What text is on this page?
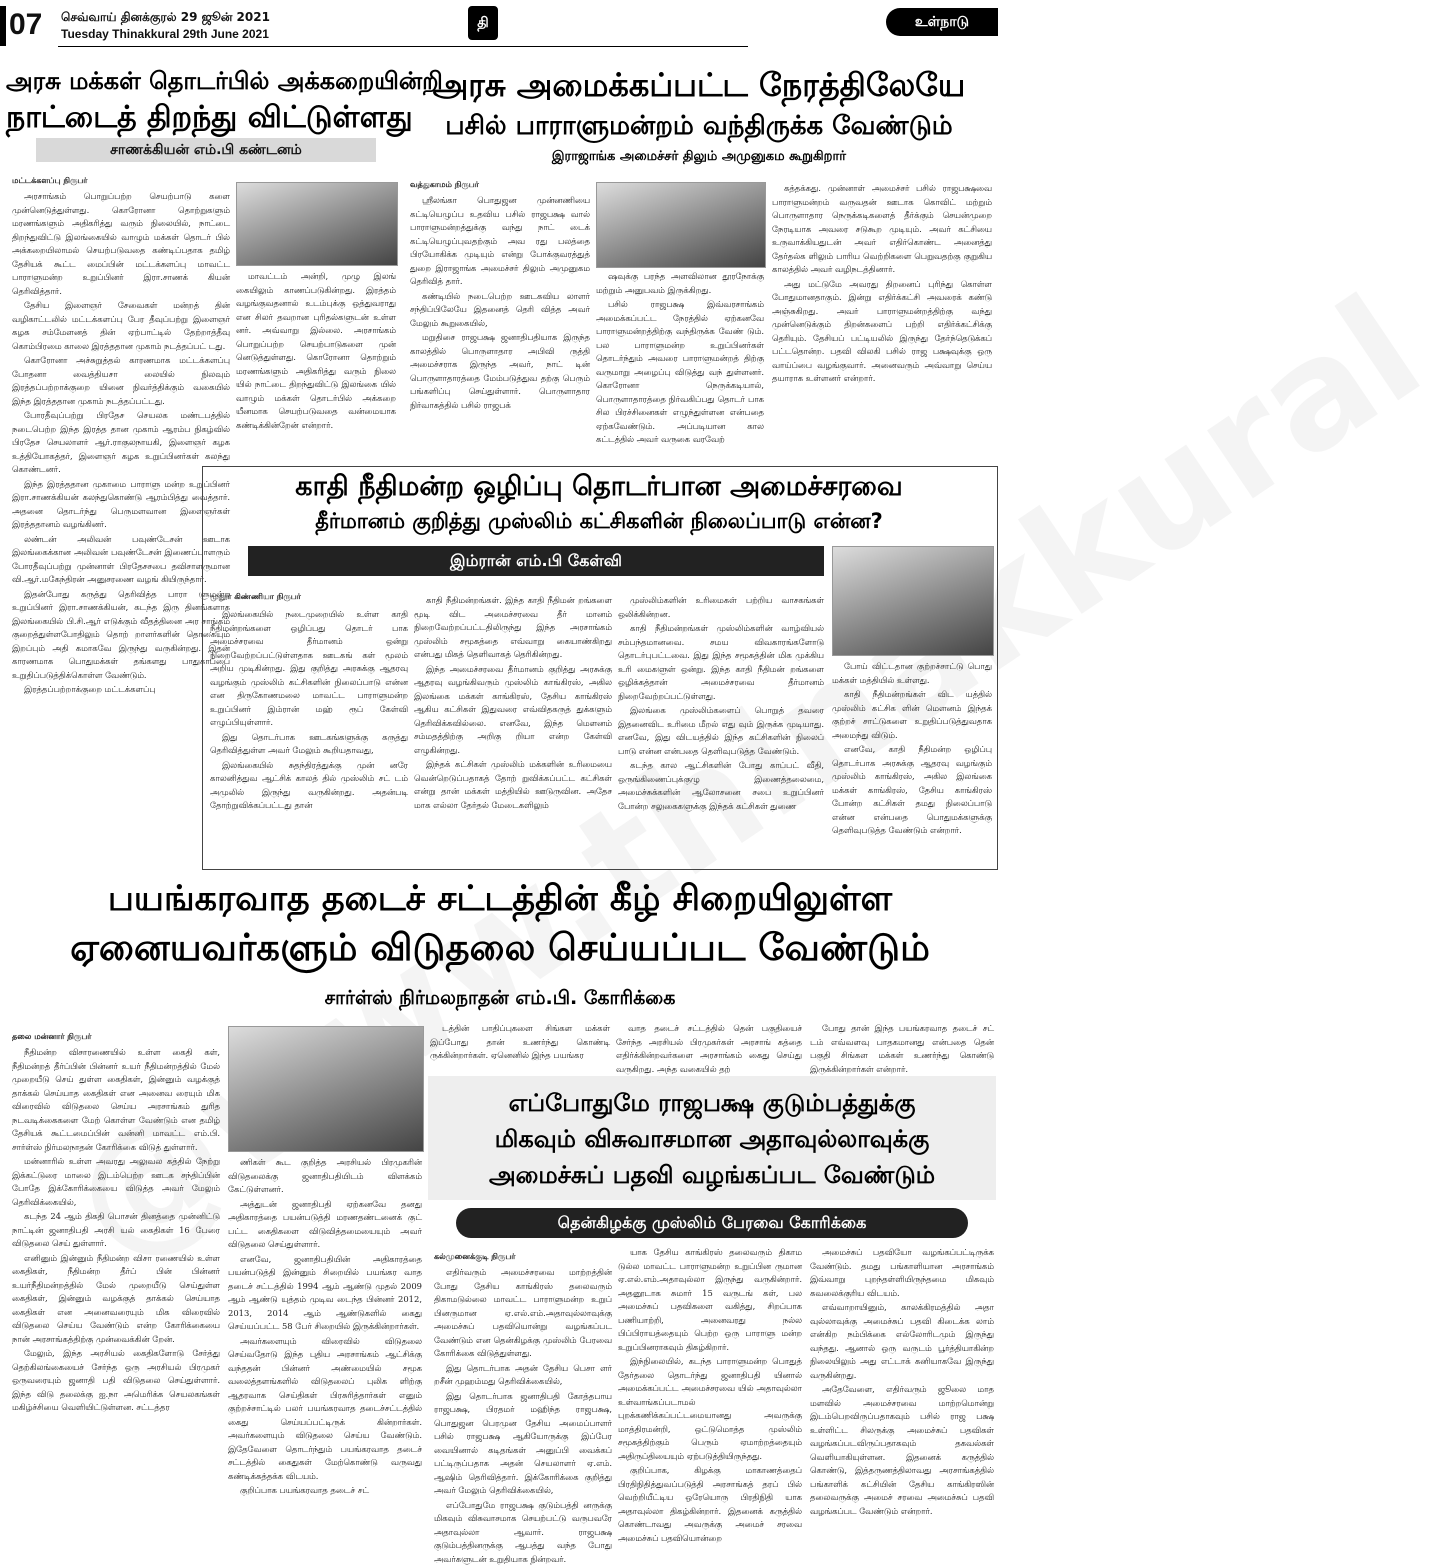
07 செவ்வாய் தினக்குரல் 29 ஜூன் 2021
Tuesday Thinakkural 29th June 2021
தி	உள்நாடு
அரசு மக்கள் தொடர்பில் அக்கறையின்றி
நாட்டைத் திறந்து விட்டுள்ளது
சாணக்கியன் எம்.பி கண்டனம்
மட்டக்களப்பு நிருபர்

அரசாங்கம் பொறுப்பற்ற செயற்பாடு களை முன்னெடுத்துள்ளது. கொரோனா தொற்றுகளும் மரணங்களும் அதிகரித்து வரும் நிலையில், நாட்டை திறந்துவிட்டு இலங்கையில் வாழும் மக்கள் தொடர் பில் அக்கறையிலாமல் செயற்படுவதை கண்டிப்பதாக தமிழ் தேசியக் கூட்ட மைப்பின் மட்டக்களப்பு மாவட்ட பாராளுமன்ற உறுப்பினர் இரா.சாணக் கியன் தெரிவித்தார்.

தேசிய இளைஞர் சேவைகள் மன்றத் தின் வழிகாட்டலில் மட்டக்களப்பு பேர தீவுப்பற்று இளைஞர் கழக சம்மேளனத் தின் ஏற்பாட்டில் தேற்றாத்தீவு கொம்பிரமை காலை இரத்ததான முகாம் நடத்தப்பட் டது.

கொரோனா அச்சுறுத்தல் காரணமாக மட்டக்களப்பு போதனா வைத்தியசா லையில் நிலவும் இரத்தப்பற்றாக்குறை யினை நிவர்த்திக்கும் வகையில் இந்த இரத்ததான முகாம் நடத்தப்பட்டது.

போரதீவுப்பற்று பிரதேச செயலக மண்டபத்தில் நடைபெற்ற இந்த இரத்த தான முகாம் ஆரம்ப நிகழ்வில் பிரதேச செயலாளர் ஆர்.ராகுலநாயகி, இளைஞர் கழக உத்தியோகத்தர், இளைஞர் கழக உறுப்பினர்கள் கலந்து கொண்டனர்.

இந்த இரத்ததான முகாமை பாராளு மன்ற உறுப்பினர் இரா.சாணக்கியன் கலந்துகொண்டு ஆரம்பித்து வைத்தார். அதனை தொடர்ந்து பெருமளவான இளைஞர்கள் இரத்ததானம் வழங்கினர்.

லண்டன் அலிவன் பவுண்டேசன் ஊடாக இலங்கைக்கான அலிவன் பவுண்டேசன் இணைப்பாளரும் போரதீவுப்பற்று முன்னாள் பிரதேசசபை தவிசாளருமான வி.ஆர்.மகேந்திரன் அனுசரணை வழங் கியிருந்தார்.

இதன்போது கருத்து தெரிவித்த பாரா ளுமன்ற உறுப்பினர் இரா.சாணக்கியன், கடந்த இரு தினங்களாக இலங்கையில் பி.சி.ஆர் எடுக்கும் வீதத்தினை அர சாங்கம் குறைத்துள்ளபோதிலும் தொற் றாளர்களின் தொகையும் இறப்பும் அதி கமாகவே இருந்து வருகின்றது. இதன் காரணமாக பொதுமக்கள் தங்களது பாதுகாப்பை உறுதிப்படுத்திக்கொள்ள வேண்டும்.

இரத்தப்பற்றாக்குறை மட்டக்களப்பு

மாவட்டம் அன்றி, முழு இலங் கையிலும் காணப்படுகின்றது. இரத்தம் வழங்குவதனால் உடம்புக்கு ஒத்துவராது என சிலர் தவறான புரிதல்களுடன் உள்ள னர். அவ்வாறு இல்லை. அரசாங்கம் பொறுப்பற்ற செயற்பாடுகளை முன் னெடுத்துள்ளது. கொரோனா தொற்றும் மரணங்களும் அதிகரித்து வரும் நிலை யில் நாட்டை திறந்துவிட்டு இலங்கை யில் வாழும் மக்கள் தொடர்பில் அக்கறை யீனமாக செயற்படுவதை வன்மையாக கண்டிக்கின்றேன் என்றார்.

அரசு அமைக்கப்பட்ட நேரத்திலேயே
பசில் பாராளுமன்றம் வந்திருக்க வேண்டும்
இராஜாங்க அமைச்சர் திலும் அமுனுகம கூறுகிறார்
வத்துகாமம் நிருபர்

ஸ்ரீலங்கா பொதுஜன முன்னணியை கட்டியெழுப்ப உதவிய பசில் ராஜபக்ஷ வால் பாராளுமன்றத்துக்கு வந்து நாட் டைக் கட்டியெழுப்புவதற்கும் அவ ரது பலத்தை பிரயோகிக்க முடியும் என்று போக்குவரத்துத் துறை இராஜாங்க அமைச்சர் திலும் அமுனுகம தெரிவித் தார்.

கண்டியில் நடைபெற்ற ஊடகவிய லாளர் சந்திப்பிலேயே இதனைத் தெரி வித்த அவர் மேலும் கூறுகையில்,

மறுதிசை ராஜபக்ஷ ஜனாதிபதியாக இருந்த காலத்தில் பொருளாதார அபிவி ருத்தி அமைச்சராக இருந்த அவர், நாட் டின் பொருளாதாரத்தை மேம்படுத்துவ தற்கு பெரும் பங்களிப்பு செய்துள்ளார். பொருளாதார நிர்வாகத்தில் பசில் ராஜபக்

ஷவுக்கு பரந்த அளவிலான தூரநோக்கு மற்றும் அனுபவம் இருக்கிறது.

பசில் ராஜபக்ஷ இவ்வரசாங்கம் அமைக்கப்பட்ட நேரத்தில் ஏற்கனவே பாராளுமன்றத்திற்கு வந்திருக்க வேண் டும். பல பாராளுமன்ற உறுப்பினர்கள் தொடர்ந்தும் அவரை பாராளுமன்றத் திற்கு வருமாறு அழைப்பு விடுத்து வந் துள்ளனர். கொரோனா நெருக்கடியால், பொருளாதாரத்தை நிர்வகிப்பது தொடர் பாக சில பிரச்சினைகள் எழுந்துள்ளன என்பதை ஏற்கவேண்டும். அப்படியான கால கட்டத்தில் அவர் வருகை வரவேற்

கத்தக்கது. முன்னாள் அமைச்சர் பசில் ராஜபக்ஷவை பாராளுமன்றம் வருவதன் ஊடாக கொவிட் மற்றும் பொருளாதார நெருக்கடிகளைத் தீர்க்கும் செயன்முறை நேரடியாக அவரை சடுகூற முடியும். அவர் கட்சியை உருவாக்கியதுடன் அவர் எதிர்கொண்ட அனைத்து தேர்தல்க ளிலும் பாரிய வெற்றிகளை பெறுவதற்கு குறுகிய காலத்தில் அவர் வழிநடத்தினார்.

அது மட்டுமே அவரது திறனைப் புரிந்து கொள்ள போதுமானதாகும். இன்று எதிர்க்கட்சி அவரைக் கண்டு அஞ்சுகிறது. அவர் பாராளுமன்றத்திற்கு வந்து முன்னெடுக்கும் திறன்களைப் பற்றி எதிர்க்கட்சிக்கு தெரியும். தேசியப் பட்டியலில் இருந்து தேர்ந்தெடுக்கப் பட்டதொன்ற. பதவி விலகி பசில் ராஜ பக்ஷவுக்கு ஒரு வாய்ப்பை வழங்குவார். அனைவரும் அவ்வாறு செய்ய தயாராக உள்ளனர் என்றார்.

காதி நீதிமன்ற ஒழிப்பு தொடர்பான அமைச்சரவை
தீர்மானம் குறித்து முஸ்லிம் கட்சிகளின் நிலைப்பாடு என்ன?
இம்ரான் எம்.பி கேள்வி
மூதூர் கிண்ணியா நிருபர்

இலங்கையில் நடைமுறையில் உள்ள காதி நீதிமன்றங்களை ஒழிப்பது தொடர் பாக அமைச்சரவை தீர்மானம் ஒன்று நிறைவேற்றப்பட்டுள்ளதாக ஊடகங் கள் மூலம் அறிய முடிகின்றது. இது குறித்து அரசுக்கு ஆதரவு வழங்கும் முஸ்லிம் கட்சிகளின் நிலைப்பாடு என்ன என திருகோணமலை மாவட்ட பாராளுமன்ற உறுப்பினர் இம்ரான் மஹ் ரூப் கேள்வி எழுப்பியுள்ளார்.

இது தொடர்பாக ஊடகங்களுக்கு கருத்து தெரிவித்துள்ள அவர் மேலும் கூறியதாவது,

இலங்கையில் சுதந்திரத்துக்கு முன் னரே காலனித்துவ ஆட்சிக் காலத் தில் முஸ்லிம் சட் டம் அமுலில் இருந்து வருகின்றது. அதன்படி தோற்றுவிக்கப்பட்டது தான்

காதி நீதிமன்றங்கள். இந்த காதி நீதிமன் றங்களை மூடி விட அமைச்சரவை தீர் மானம் நிறைவேற்றப்பட்டதிலிருந்து இந்த அரசாங்கம் முஸ்லிம் சமூகத்தை எவ்வாறு கையாண்கிறது என்பது மிகத் தெளிவாகத் தெரிகின்றது.

இந்த அமைச்சரவை தீர்மானம் குறித்து அரசுக்கு ஆதரவு வழங்கிவரும் முஸ்லிம் காங்கிரஸ், அகில இலங்கை மக்கள் காங்கிரஸ், தேசிய காங்கிரஸ் ஆகிய கட்சிகள் இதுவரை எவ்விதகருத் துக்களும் தெரிவிக்கவில்லை. எனவே, இந்த மௌனம் சம்மதத்திற்கு அறிகு றியா என்ற கேள்வி எழுகின்றது.

இந்தக் கட்சிகள் முஸ்லிம் மக்களின் உரிமையை வென்றெடுப்பதாகத் தோற் றுவிக்கப்பட்ட கட்சிகள் என்று தான் மக்கள் மத்தியில் ஊடுருவின. அதேச மாக எல்லா தேர்தல் மேடைகளிலும்

முஸ்லிம்களின் உரிமைகள் பற்றிய வாசகங்கள் ஒலிக்கின்றன.

காதி நீதிமன்றங்கள் முஸ்லிம்களின் வாழ்வியல் சம்பந்தமானவை. சமய விவகாரங்களோடு தொடர்புபட்டவை. இது இந்த சமூகத்தின் மிக முக்கிய உரி மைகளுள் ஒன்று. இந்த காதி நீதிமன் றங்களை ஒழிக்கத்தான் அமைச்சரவை தீர்மானம் நிறைவேற்றப்பட்டுள்ளது.

இலங்கை முஸ்லிம்களைப் பொறுத் தவரை இதனைவிட உரிமை மீறல் எது வும் இருக்க முடியாது. எனவே, இது விடயத்தில் இந்த கட்சிகளின் நிலைப் பாடு என்ன என்பதை தெளிவுபடுத்த வேண்டும்.

கடந்த கால ஆட்சிகளின் போது காப்பட் வீதி, ஒருங்கிணைப்புக்குழு இணைத்தலைமை, அமைச்சுக்களின் ஆலோசனை சபை உறுப்பினர் போன்ற சலுகைகளுக்கு இந்தக் கட்சிகள் துணை

போய் விட்டதான குற்றச்சாட்டு பொது மக்கள் மத்தியில் உள்ளது.

காதி நீதிமன்றங்கள் விட யத்தில் முஸ்லிம் கட்சிக ளின் மௌனம் இந்தக் குற்றச் சாட்டுகளை உறுதிப்படுத்துவதாக அமைந்து விடும்.

எனவே, காதி நீதிமன்ற ஒழிப்பு தொடர்பாக அரசுக்கு ஆதரவு வழங்கும் முஸ்லிம் காங்கிரஸ், அகில இலங்கை மக்கள் காங்கிரஸ், தேசிய காங்கிரஸ் போன்ற கட்சிகள் தமது நிலைப்பாடு என்ன என்பதை பொதுமக்களுக்கு தெளிவுபடுத்த வேண்டும் என்றார்.

பயங்கரவாத தடைச் சட்டத்தின் கீழ் சிறையிலுள்ள
ஏனையவர்களும் விடுதலை செய்யப்பட வேண்டும்
சார்ள்ஸ் நிர்மலநாதன் எம்.பி. கோரிக்கை
தலை மன்னார் நிருபர்

நீதிமன்ற விசாரணையில் உள்ள கைதி கள், நீதிமன்றத் தீர்ப்பின் பின்னர் உயர் நீதிமன்றத்தில் மேல் முறையீடு செய் துள்ள கைதிகள், இன்னும் வழக்குத் தாக்கல் செய்யாத கைதிகள் என அனைவ ரையும் மிக விரைவில் விடுதலை செய்ய அரசாங்கம் துரித நடவடிக்கைகளை மேற் கொள்ள வேண்டும் என தமிழ் தேசியக் கூட்டமைப்பின் வன்னி மாவட்ட எம்.பி. சார்ள்ஸ் நிர்மலநாதன் கோரிக்கை விடுத் துள்ளார்.

மன்னாரில் உள்ள அவரது அலுவல கத்தில் நேற்று இக்கட்டுரை மாலை இடம்பெற்ற ஊடக சந்திப்பின் போதே இக்கோரிக்கையை விடுத்த அவர் மேலும் தெரிவிக்கையில்,

கடந்த 24 ஆம் திகதி பொசன் தினத்தை முன்னிட்டு நாட்டின் ஜனாதிபதி அரசி யல் கைதிகள் 16 பேரை விடுதலை செய் துள்ளார்.

எனினும் இன்னும் நீதிமன்ற விசா ரணையில் உள்ள கைதிகள், நீதிமன்ற தீர்ப் பின் பின்னர் உயர்நீதிமன்றத்தில் மேல் முறையீடு செய்துள்ள கைதிகள், இன்னும் வழக்குத் தாக்கல் செய்யாத கைதிகள் என அனைவரையும் மிக விரைவில் விடுதலை செய்ய வேண்டும் என்ற கோரிக்கையை நான் அரசாங்கத்திற்கு முன்வைக்கின் றேன்.

மேலும், இந்த அரசியல் கைதிகளோடு சேர்த்து தெற்கிலங்கையைச் சேர்ந்த ஒரு அரசியல் பிரமுகர் ஒருவரையும் ஜனாதி பதி விடுதலை செய்துள்ளார். இந்த விடு தலைக்கு ஐ.நா அமெரிக்க செயலகங்கள் மகிழ்ச்சியை வெளியிட்டுள்ளன. சட்டத்தர

ணிகள் கூட குறித்த அரசியல் பிரமுகரின் விடுதலைக்கு ஜனாதிபதியிடம் விளக்கம் கேட்டுள்ளனர்.

அத்துடன் ஜனாதிபதி ஏற்கனவே தனது அதிகாரத்தை பயன்படுத்தி மரணதண்டனைக் குட் பட்ட கைதிகளை விடுவித்தமையையும் அவர் விடுதலை செய்துள்ளார்.

எனவே, ஜனாதிபதியின் அதிகாரத்தை பயன்படுத்தி இன்னும் சிறையில் பயங்கர வாத தடைச் சட்டத்தில் 1994 ஆம் ஆண்டு முதல் 2009 ஆம் ஆண்டு யுத்தம் முடிவ டைந்த பின்னர் 2012, 2013, 2014 ஆம் ஆண்டுகளில் கைது செய்யப்பட்ட 58 பேர் சிறையில் இருக்கின்றார்கள்.

அவர்களையும் விரைவில் விடுதலை செய்வதோடு இந்த புதிய அரசாங்கம் ஆட்சிக்கு வந்ததன் பின்னர் அண்மையில் சமூக வலைத்தளங்களில் விடுதலைப் புலிக ளிற்கு ஆதரவாக செய்திகள் பிரசுரித்தார்கள் எனும் குற்றச்சாட்டில் பலர் பயங்கரவாத தடைச்சட்டத்தில் கைது செய்யப்பட்டிருக் கின்றார்கள். அவர்களையும் விடுதலை செய்ய வேண்டும். இதேவேளை தொடர்ந்தும் பயங்கரவாத தடைச் சட்டத்தில் கைதுகள் மேற்கொண்டு வருவது கண்டிக்கத்தக்க விடயம்.

குறிப்பாக பயங்கரவாத தடைச் சட்

டத்தின் பாதிப்புகளை சிங்கள மக்கள் இப்போது தான் உணர்ந்து கொண்டி ருக்கின்றார்கள். ஏனெனில் இந்த பயங்கர

வாத தடைச் சட்டத்தில் தென் பகுதியைச் சேர்ந்த அரசியல் பிரமுகர்கள் அரசாங் கத்தை எதிர்க்கின்றவர்களை அரசாங்கம் கைது செய்து வருகிறது. அந்த வகையில் தற்

போது தான் இந்த பயங்கரவாத தடைச் சட் டம் எவ்வளவு பாதகமானது என்பதை தென் பகுதி சிங்கள மக்கள் உணர்ந்து கொண்டு இருக்கின்றார்கள் என்றார்.

எப்போதுமே ராஜபக்ஷ குடும்பத்துக்கு
மிகவும் விசுவாசமான அதாவுல்லாவுக்கு
அமைச்சுப் பதவி வழங்கப்பட வேண்டும்
தென்கிழக்கு முஸ்லிம் பேரவை கோரிக்கை
கல்முனைக்குடி நிருபர்

எதிர்வரும் அமைச்சரவை மாற்றத்தின் போது தேசிய காங்கிரஸ் தலைவரும் திகாமடுல்லை மாவட்ட பாராளுமன்ற உறுப் பினருமான ஏ.எல்.எம்.அதாவுல்லாவுக்கு அமைச்சுப் பதவியொன்று வழங்கப்பட வேண்டும் என தென்கிழக்கு முஸ்லிம் பேரவை கோரிக்கை விடுத்துள்ளது.

இது தொடர்பாக அதன் தேசிய பெசா ளர் றசீன் முஹம்மது தெரிவிக்கையில்,

இது தொடர்பாக ஜனாதிபதி கோத்தபாய ராஜபக்ஷ, பிரதமர் மஹிந்த ராஜபக்ஷ, பொதுஜன பெரமுன தேசிய அமைப்பாளர் பசில் ராஜபக்ஷ ஆகியோருக்கு இப்பேர வையினால் கடிதங்கள் அனுப்பி வைக்கப் பட்டிருப்பதாக அதன் செயலாளர் ஏ.எம். ஆஷிம் தெரிவித்தார். இக்கோரிக்கை குறித்து அவர் மேலும் தெரிவிக்கையில்,

எப்போதுமே ராஜபக்ஷ குடும்பத்தி னருக்கு மிகவும் விசுவாசமாக செயற்பட்டு வருபவரே அதாவுல்லா ஆவார். ராஜபக்ஷ குடும்பத்தினருக்கு ஆபத்து வந்த போது அவர்களுடன் உறுதியாக நின்றவர்.

யாக தேசிய காங்கிரஸ் தலைவரும் திகாம டுல்ல மாவட்ட பாராளுமன்ற உறுப்பின ருமான ஏ.எல்.எம்.அதாவுல்லா இருந்து வருகின்றார். அதனூடாக சுமார் 15 வருடங் கள், பல அமைச்சுப் பதவிகளை வகித்து, சிறப்பாக பணியாற்றி, அனைவரது நல்ல பிப்பிராயத்தையும் பெற்ற ஒரு பாராளு மன்ற உறுப்பினராகவும் திகழ்கிறார்.

இந்நிலையில், கடந்த பாராளுமன்ற பொதுத் தேர்தலை தொடர்ந்து ஜனாதிபதி யினால் அமைக்கப்பட்ட அமைச்சரவை யில் அதாவுல்லா உள்வாங்கப்படாமல் புறக்கணிக்கப்பட்டமையானது அவருக்கு மாத்திரமன்றி, ஒட்டுமொத்த முஸ்லிம் சமூகத்திற்கும் பெரும் ஏமாற்றத்தையும் அதிருப்தியையும் ஏற்படுத்தியிருந்தது.

குறிப்பாக, கிழக்கு மாகாணத்தைப் பிரதிநிதித்துவப்படுத்தி அரசாங்கத் தரப் பில் வெற்றியீட்டிய ஒரேயொரு பிரதிநிதி யாக அதாவுல்லா திகழ்கின்றார். இதனைக் கருத்தில் கொண்டாவது அவருக்கு அமைச் சரவை அமைச்சுப் பதவியொன்றை

அமைச்சுப் பதவியோ வழங்கப்பட்டிருக்க வேண்டும். தமது பங்காளியான அரசாங்கம் இவ்வாறு புறந்தள்ளியிருந்தமை மிகவும் கவலைக்குரிய விடயம்.

எவ்வாறாயினும், காலக்கிரமத்தில் அதா வுல்லாவுக்கு அமைச்சுப் பதவி கிடைக்க லாம் என்கிற நம்பிக்கை எல்லோரிடமும் இருந்து வந்தது. ஆனால் ஒரு வருடம் பூர்த்தியாகின்ற நிலையிலும் அது எட்டாக் கனியாகவே இருந்து வருகின்றது.

அதேவேளை, எதிர்வரும் ஜூலை மாத மளவில் அமைச்சரவை மாற்றமொன்று இடம்பெறவிருப்பதாகவும் பசில் ராஜ பக்ஷ உள்ளிட்ட சிலருக்கு அமைச்சுப் பதவிகள் வழங்கப்படவிருப்பதாகவும் தகவல்கள் வெளியாகியுள்ளன. இதனைக் கருத்தில் கொண்டு, இத்தருணத்திலாவது அரசாங்கத்தில் பங்காளிக் கட்சியின் தேசிய காங்கிரஸின் தலைவருக்கு அமைச் சரவை அமைச்சுப் பதவி வழங்கப்பட வேண்டும் என்றார்.
